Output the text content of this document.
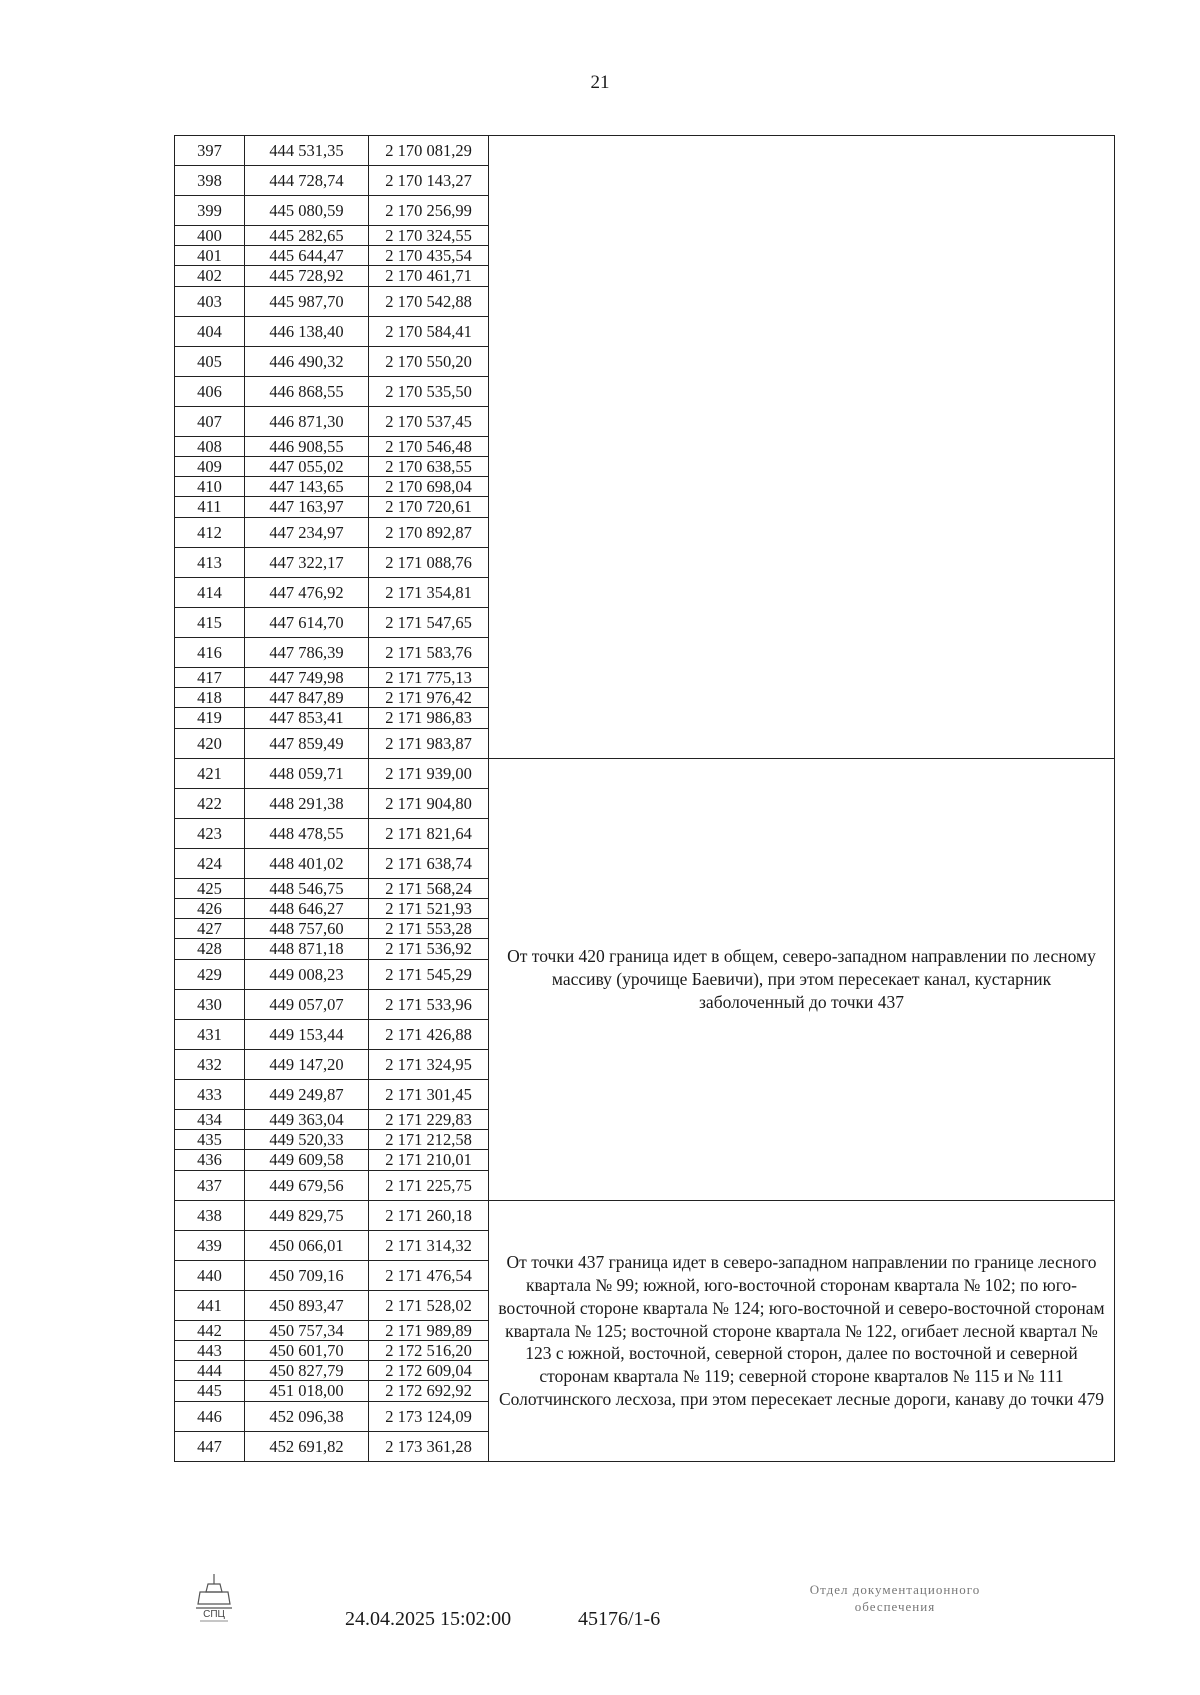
21
397	444 531,35	2 170 081,29	
398	444 728,74	2 170 143,27	
399	445 080,59	2 170 256,99	
400	445 282,65	2 170 324,55	
401	445 644,47	2 170 435,54	
402	445 728,92	2 170 461,71	
403	445 987,70	2 170 542,88	
404	446 138,40	2 170 584,41	
405	446 490,32	2 170 550,20	
406	446 868,55	2 170 535,50	
407	446 871,30	2 170 537,45	
408	446 908,55	2 170 546,48	
409	447 055,02	2 170 638,55	
410	447 143,65	2 170 698,04	
411	447 163,97	2 170 720,61	
412	447 234,97	2 170 892,87	
413	447 322,17	2 171 088,76	
414	447 476,92	2 171 354,81	
415	447 614,70	2 171 547,65	
416	447 786,39	2 171 583,76	
417	447 749,98	2 171 775,13	
418	447 847,89	2 171 976,42	
419	447 853,41	2 171 986,83	
420	447 859,49	2 171 983,87	
421	448 059,71	2 171 939,00	От точки 420 граница идет в общем, северо-западном направлении по лесному массиву (урочище Баевичи), при этом пересекает канал, кустарник заболоченный до точки 437
422	448 291,38	2 171 904,80	
423	448 478,55	2 171 821,64	
424	448 401,02	2 171 638,74	
425	448 546,75	2 171 568,24	
426	448 646,27	2 171 521,93	
427	448 757,60	2 171 553,28	
428	448 871,18	2 171 536,92	
429	449 008,23	2 171 545,29	
430	449 057,07	2 171 533,96	
431	449 153,44	2 171 426,88	
432	449 147,20	2 171 324,95	
433	449 249,87	2 171 301,45	
434	449 363,04	2 171 229,83	
435	449 520,33	2 171 212,58	
436	449 609,58	2 171 210,01	
437	449 679,56	2 171 225,75	
438	449 829,75	2 171 260,18	От точки 437 граница идет в северо-западном направлении по границе лесного квартала № 99; южной, юго-восточной сторонам квартала № 102; по юго-восточной стороне квартала № 124; юго-восточной и северо-восточной сторонам квартала № 125; восточной стороне квартала № 122, огибает лесной квартал № 123 с южной, восточной, северной сторон, далее по восточной и северной сторонам квартала № 119; северной стороне кварталов № 115 и № 111 Солотчинского лесхоза, при этом пересекает лесные дороги, канаву до точки 479
439	450 066,01	2 171 314,32	
440	450 709,16	2 171 476,54	
441	450 893,47	2 171 528,02	
442	450 757,34	2 171 989,89	
443	450 601,70	2 172 516,20	
444	450 827,79	2 172 609,04	
445	451 018,00	2 172 692,92	
446	452 096,38	2 173 124,09	
447	452 691,82	2 173 361,28	
СПЦ	24.04.2025 15:02:00	45176/1-6
Отдел документационного
обеспечения
